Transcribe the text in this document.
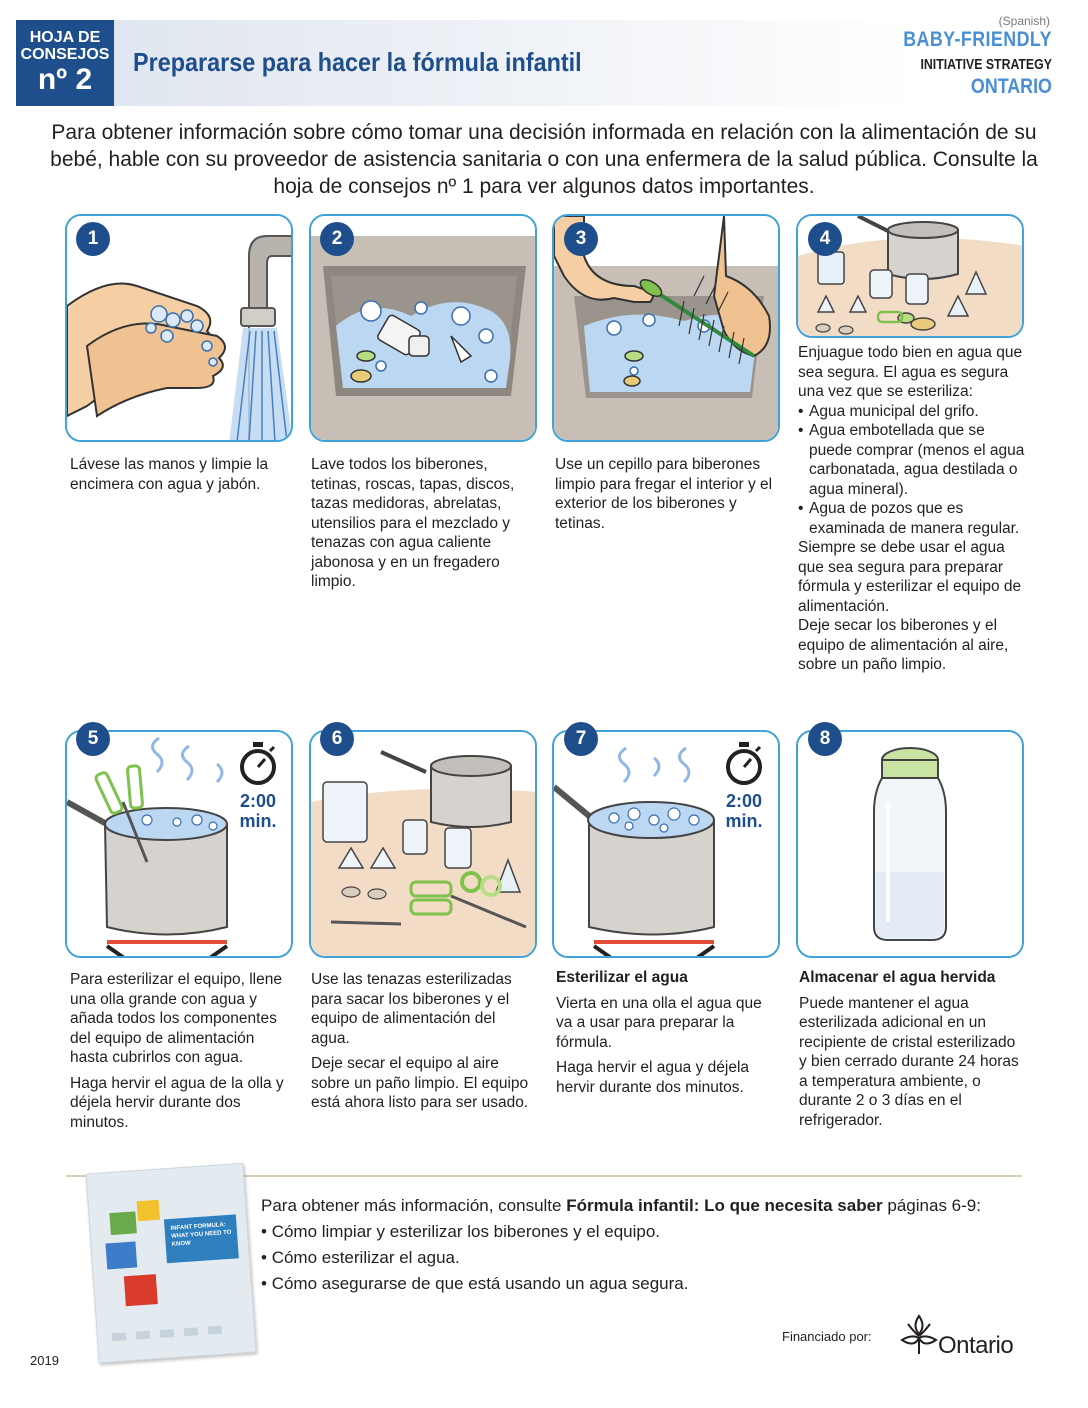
HOJA DE
CONSEJOS
nº 2
Prepararse para hacer la fórmula infantil
(Spanish)
BABY-FRIENDLY
INITIATIVE STRATEGY
ONTARIO
Para obtener información sobre cómo tomar una decisión informada en relación con la alimentación de su bebé, hable con su proveedor de asistencia sanitaria o con una enfermera de la salud pública. Consulte la hoja de consejos nº 1 para ver algunos datos importantes.
1
Lávese las manos y limpie la encimera con agua y jabón.
2
Lave todos los biberones, tetinas, roscas, tapas, discos, tazas medidoras, abrelatas, utensilios para el mezclado y tenazas con agua caliente jabonosa y en un fregadero limpio.
3
Use un cepillo para biberones limpio para fregar el interior y el exterior de los biberones y tetinas.
4
Enjuague todo bien en agua que sea segura. El agua es segura una vez que se esteriliza:
• Agua municipal del grifo.
• Agua embotellada que se puede comprar (menos el agua carbonatada, agua destilada o agua mineral).
• Agua de pozos que es examinada de manera regular.
Siempre se debe usar el agua que sea segura para preparar fórmula y esterilizar el equipo de alimentación.
Deje secar los biberones y el equipo de alimentación al aire, sobre un paño limpio.
5
2:00
min.

Para esterilizar el equipo, llene una olla grande con agua y añada todos los componentes del equipo de alimentación hasta cubrirlos con agua.

Haga hervir el agua de la olla y déjela hervir durante dos minutos.

6

Use las tenazas esterilizadas para sacar los biberones y el equipo de alimentación del agua.

Deje secar el equipo al aire sobre un paño limpio. El equipo está ahora listo para ser usado.

7
2:00
min.

Esterilizar el agua

Vierta en una olla el agua que va a usar para preparar la fórmula.

Haga hervir el agua y déjela hervir durante dos minutos.

8

Almacenar el agua hervida

Puede mantener el agua esterilizada adicional en un recipiente de cristal esterilizado y bien cerrado durante 24 horas a temperatura ambiente, o durante 2 o 3 días en el refrigerador.

INFANT FORMULA: WHAT YOU NEED TO KNOW
Para obtener más información, consulte Fórmula infantil: Lo que necesita saber páginas 6-9:
• Cómo limpiar y esterilizar los biberones y el equipo.
• Cómo esterilizar el agua.
• Cómo asegurarse de que está usando un agua segura.
2019
Financiado por:	Ontario
